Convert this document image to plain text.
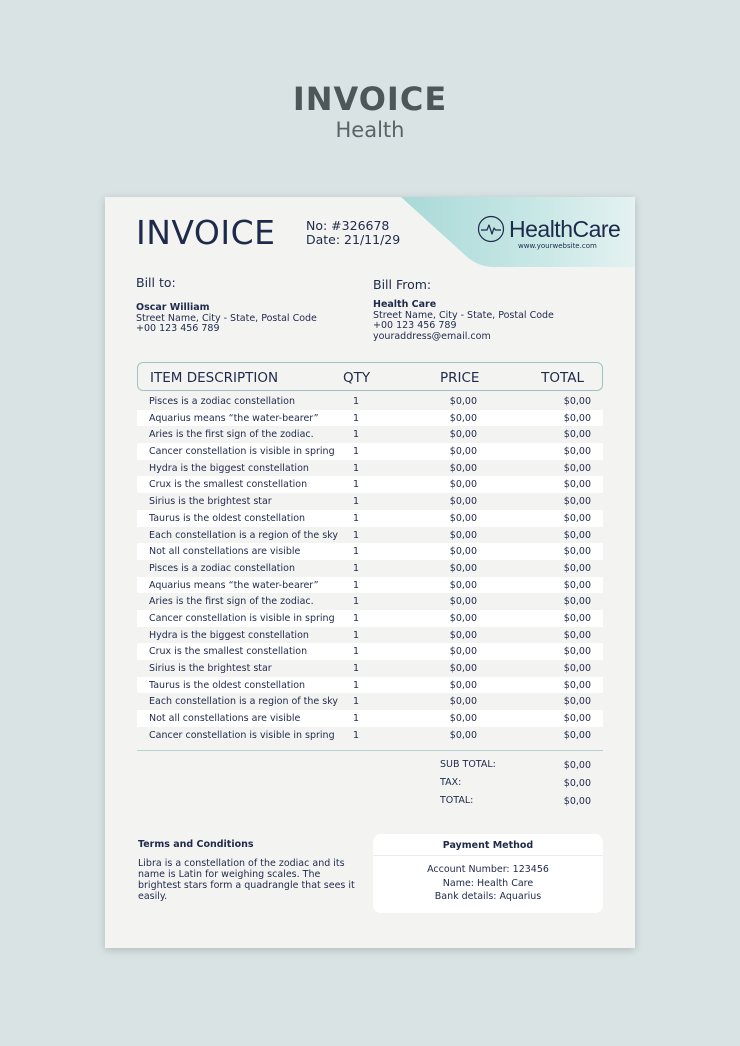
INVOICE
Health
INVOICE No: #326678
Date: 21/11/29	HealthCare
www.yourwebsite.com
Bill to:
Oscar William
Street Name, City - State, Postal Code
+00 123 456 789
Bill From:
Health Care
Street Name, City - State, Postal Code
+00 123 456 789
youraddress@email.com
ITEM DESCRIPTION	QTY	PRICE	TOTAL
Pisces is a zodiac constellation	1	$0,00	$0,00
Aquarius means “the water-bearer”	1	$0,00	$0,00
Aries is the first sign of the zodiac.	1	$0,00	$0,00
Cancer constellation is visible in spring 1	$0,00	$0,00
Hydra is the biggest constellation	1	$0,00	$0,00
Crux is the smallest constellation	1	$0,00	$0,00
Sirius is the brightest star	1	$0,00	$0,00
Taurus is the oldest constellation	1	$0,00	$0,00
Each constellation is a region of the sky 1	$0,00	$0,00
Not all constellations are visible	1	$0,00	$0,00
Pisces is a zodiac constellation	1	$0,00	$0,00
Aquarius means “the water-bearer”	1	$0,00	$0,00
Aries is the first sign of the zodiac.	1	$0,00	$0,00
Cancer constellation is visible in spring 1	$0,00	$0,00
Hydra is the biggest constellation	1	$0,00	$0,00
Crux is the smallest constellation	1	$0,00	$0,00
Sirius is the brightest star	1	$0,00	$0,00
Taurus is the oldest constellation	1	$0,00	$0,00
Each constellation is a region of the sky 1	$0,00	$0,00
Not all constellations are visible	1	$0,00	$0,00
Cancer constellation is visible in spring 1	$0,00	$0,00
SUB TOTAL:	$0,00
TAX:	$0,00
TOTAL:	$0,00
Terms and Conditions
Libra is a constellation of the zodiac and its name is Latin for weighing scales. The brightest stars form a quadrangle that sees it easily.
Payment Method
Account Number: 123456
Name: Health Care
Bank details: Aquarius
